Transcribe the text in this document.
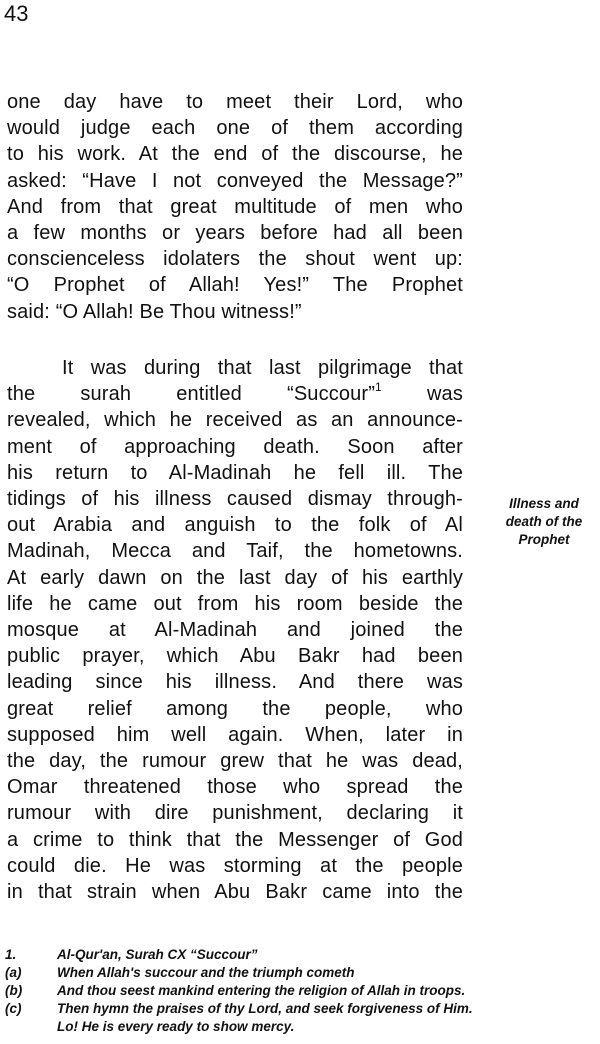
43
one day have to meet their Lord, who
would judge each one of them according
to his work. At the end of the discourse, he
asked: “Have I not conveyed the Message?”
And from that great multitude of men who
a few months or years before had all been
conscienceless idolaters the shout went up:
“O Prophet of Allah! Yes!” The Prophet
said: “O Allah! Be Thou witness!”
It was during that last pilgrimage that
the surah entitled “Succour”$^1$ was
revealed, which he received as an announce-
ment of approaching death. Soon after
his return to Al-Madinah he fell ill. The
tidings of his illness caused dismay through-
out Arabia and anguish to the folk of Al
Madinah, Mecca and Taif, the hometowns.
At early dawn on the last day of his earthly
life he came out from his room beside the
mosque at Al-Madinah and joined the
public prayer, which Abu Bakr had been
leading since his illness. And there was
great relief among the people, who
supposed him well again. When, later in
the day, the rumour grew that he was dead,
Omar threatened those who spread the
rumour with dire punishment, declaring it
a crime to think that the Messenger of God
could die. He was storming at the people
in that strain when Abu Bakr came into the
Illness and
death of the
Prophet
1.	Al-Qur'an, Surah CX “Succour”
(a)	When Allah's succour and the triumph cometh
(b)	And thou seest mankind entering the religion of Allah in troops.
(c)	Then hymn the praises of thy Lord, and seek forgiveness of Him.
Lo! He is every ready to show mercy.
